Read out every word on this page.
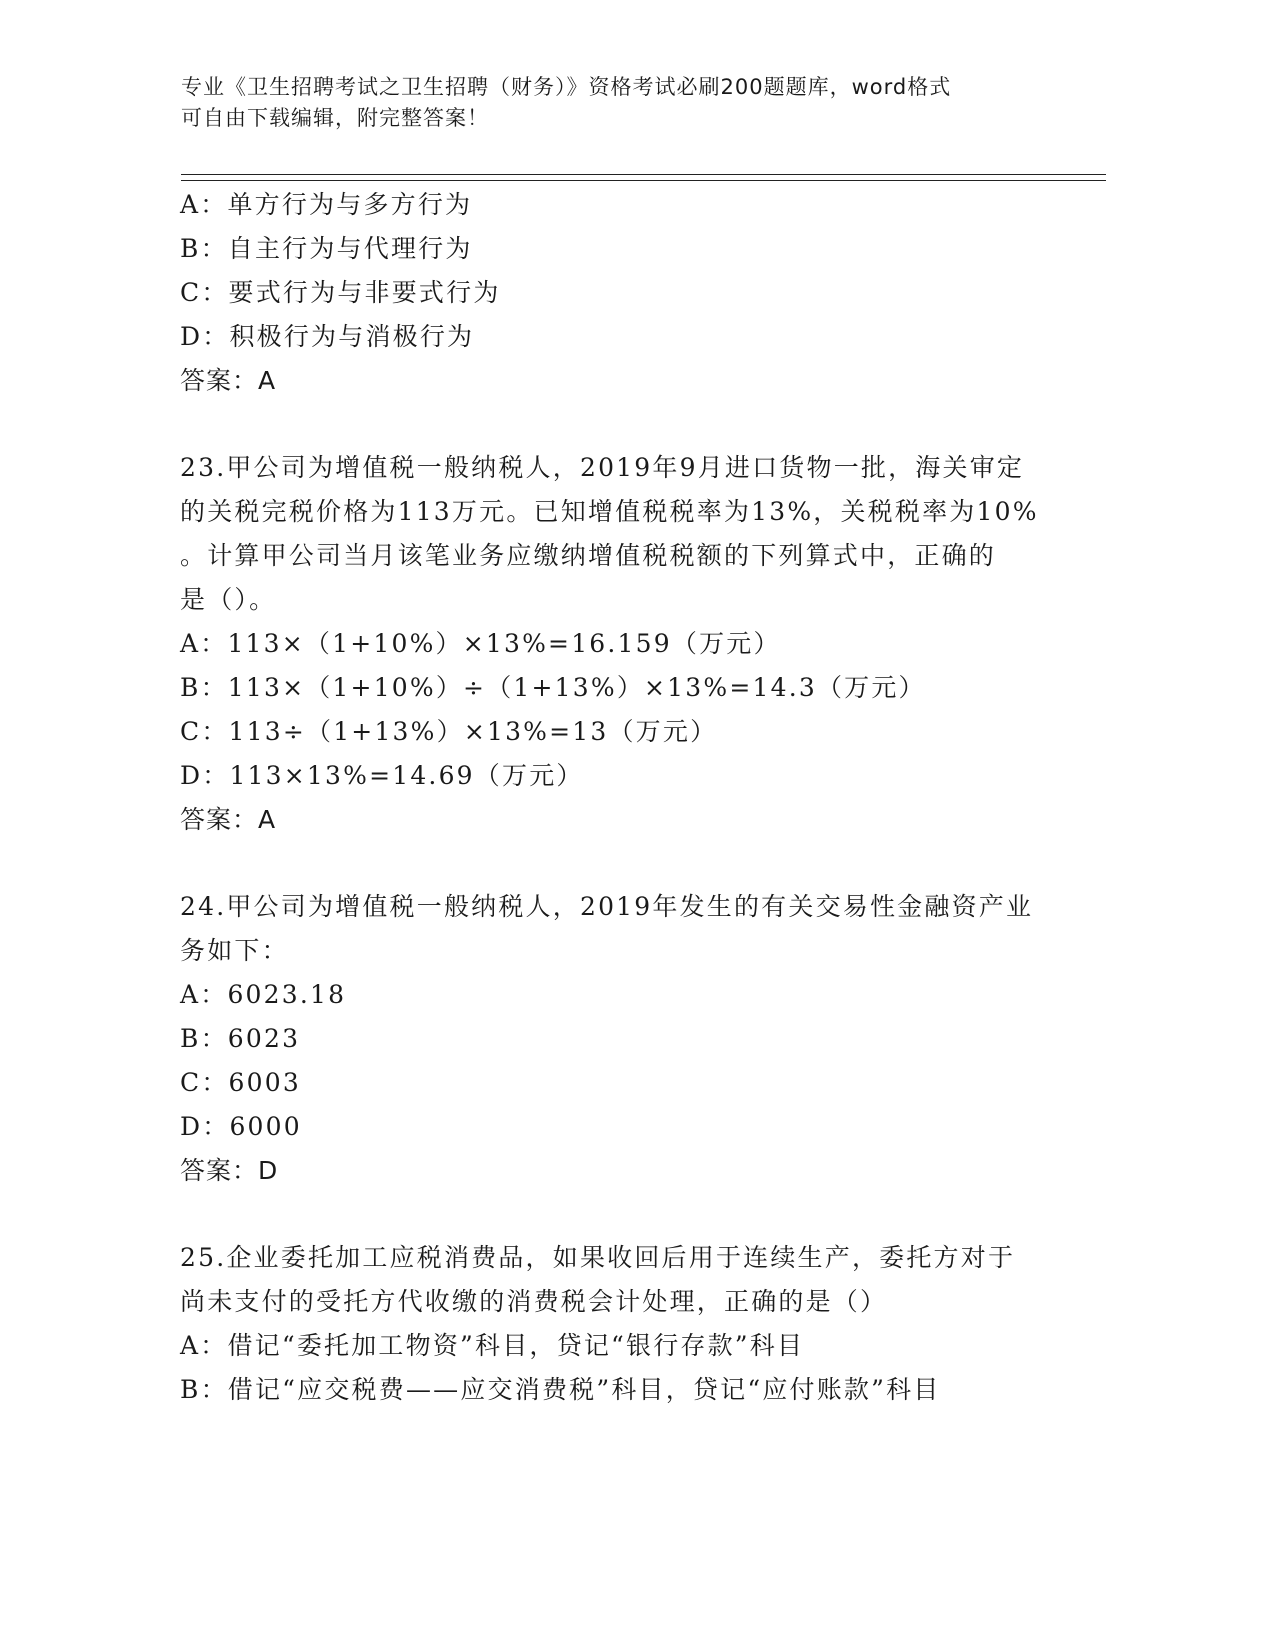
专业《卫生招聘考试之卫生招聘（财务）》资格考试必刷200题题库，word格式
可自由下载编辑，附完整答案！
A：单方行为与多方行为
B：自主行为与代理行为
C：要式行为与非要式行为
D：积极行为与消极行为
答案：A
23.甲公司为增值税一般纳税人，2019年9月进口货物一批，海关审定
的关税完税价格为113万元。已知增值税税率为13%，关税税率为10%
。计算甲公司当月该笔业务应缴纳增值税税额的下列算式中，正确的
是（）。
A：113×（1+10%）×13%=16.159（万元）
B：113×（1+10%）÷（1+13%）×13%=14.3（万元）
C：113÷（1+13%）×13%=13（万元）
D：113×13%=14.69（万元）
答案：A
24.甲公司为增值税一般纳税人，2019年发生的有关交易性金融资产业
务如下：
A：6023.18
B：6023
C：6003
D：6000
答案：D
25.企业委托加工应税消费品，如果收回后用于连续生产，委托方对于
尚未支付的受托方代收缴的消费税会计处理，正确的是（）
A：借记“委托加工物资”科目，贷记“银行存款”科目
B：借记“应交税费——应交消费税”科目，贷记“应付账款”科目
